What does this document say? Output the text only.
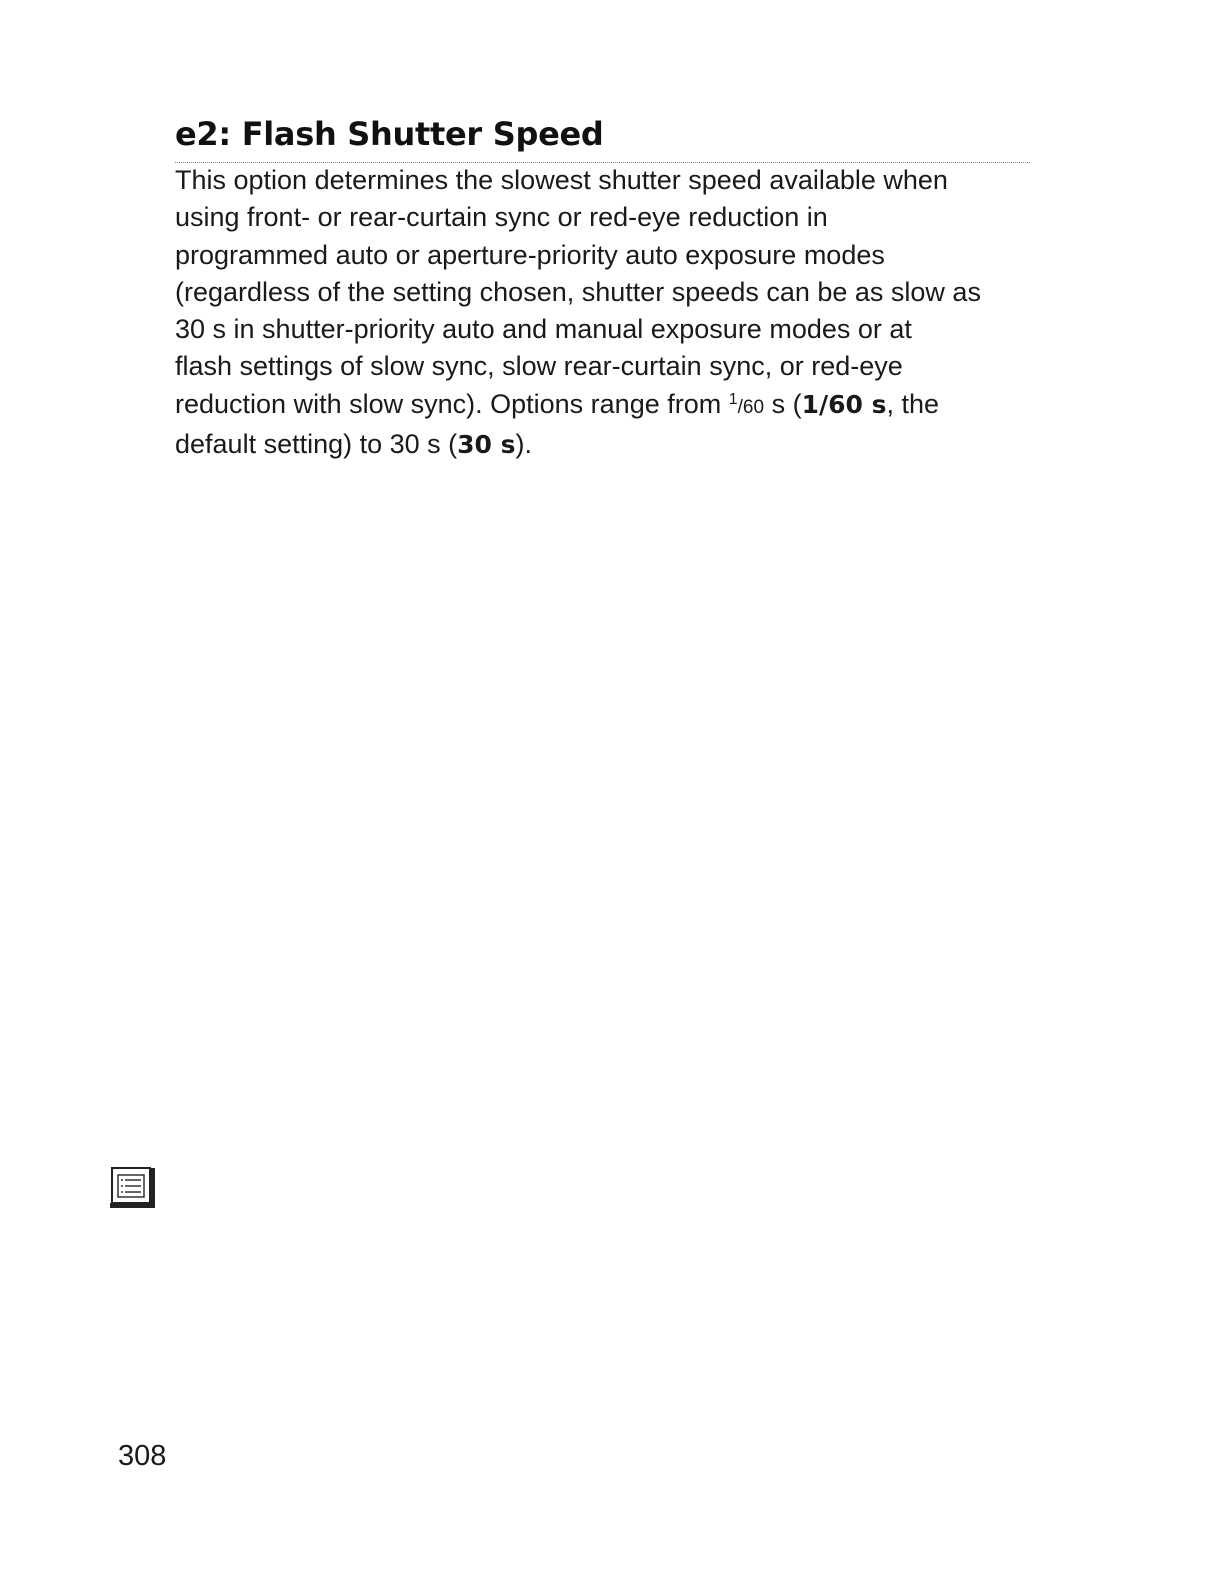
e2: Flash Shutter Speed

This option determines the slowest shutter speed available when
using front- or rear-curtain sync or red-eye reduction in
programmed auto or aperture-priority auto exposure modes
(regardless of the setting chosen, shutter speeds can be as slow as
30 s in shutter-priority auto and manual exposure modes or at
flash settings of slow sync, slow rear-curtain sync, or red-eye
reduction with slow sync). Options range from $^1$/60 s (1/60 s, the
default setting) to 30 s (30 s).

308
